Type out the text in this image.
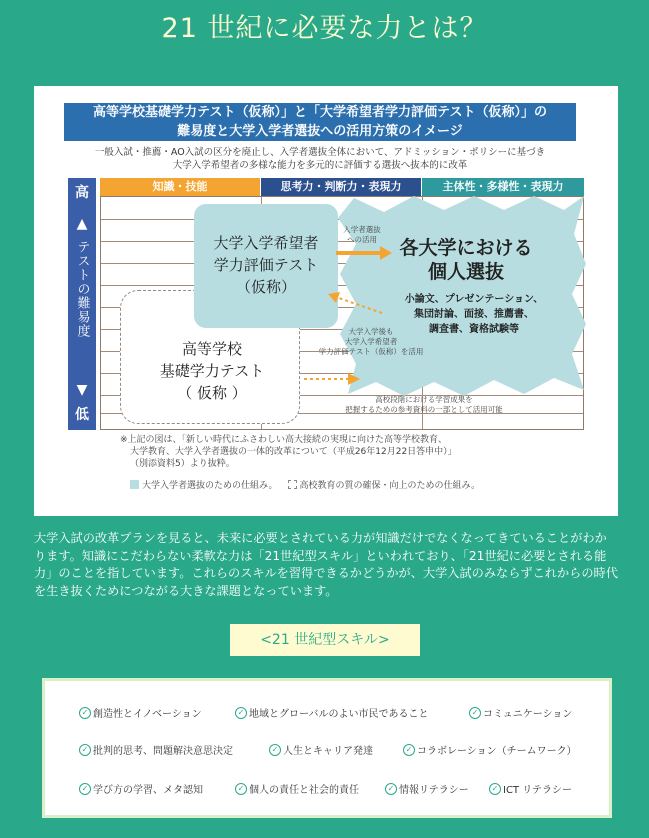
21 世紀に必要な力とは？
高等学校基礎学力テスト（仮称）」と「大学希望者学力評価テスト（仮称）」の
難易度と大学入学者選抜への活用方策のイメージ
一般入試・推薦・AO入試の区分を廃止し、入学者選抜全体において、アドミッション・ポリシーに基づき
大学入学希望者の多様な能力を多元的に評価する選抜へ抜本的に改革
高
▲
テストの難易度
▼
低
知識・技能	思考力・判断力・表現力	主体性・多様性・表現力
大学入学希望者
学力評価テスト
（仮称）
高等学校
基礎学力テスト
（ 仮称 ）
各大学における
個人選抜
小論文、プレゼンテーション、
集団討論、面接、推薦書、
調査書、資格試験等
入学者選抜
への活用
大学入学後も
大学入学希望者
学力評価テスト（仮称）を活用
高校段階における学習成果を
把握するための参考資料の一部として活用可能
※上記の図は、「新しい時代にふさわしい高大接続の実現に向けた高等学校教育、
大学教育、大学入学者選抜の一体的改革について（平成26年12月22日答申中）」
（別添資料5）より抜粋。
大学入学者選抜のための仕組み。 高校教育の質の確保・向上のための仕組み。
大学入試の改革プランを見ると、未来に必要とされている力が知識だけでなくなってきていることがわかります。知識にこだわらない柔軟な力は「21世紀型スキル」といわれており、「21世紀に必要とされる能力」のことを指しています。これらのスキルを習得できるかどうかが、大学入試のみならずこれからの時代を生き抜くためにつながる大きな課題となっています。
<21 世紀型スキル>
✓ 創造性とイノベーション	✓ 地域とグローバルのよい市民であること	✓ コミュニケーション
✓ 批判的思考、問題解決意思決定	✓ 人生とキャリア発達	✓ コラボレーション（チームワーク）
✓ 学び方の学習、メタ認知	✓ 個人の責任と社会的責任	✓ 情報リテラシー	✓ ICT リテラシー
